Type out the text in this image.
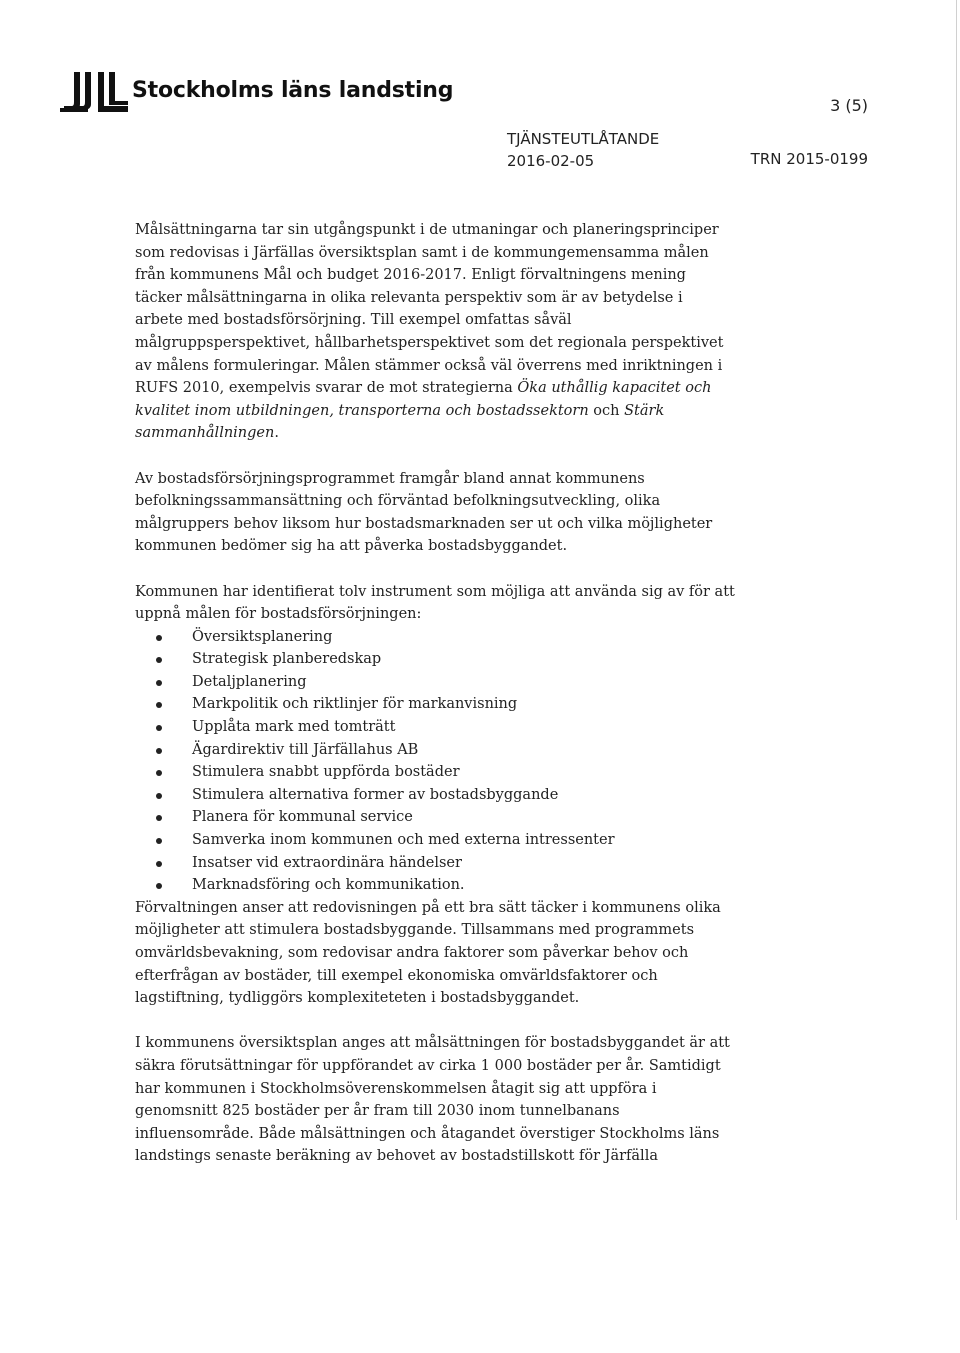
Stockholms läns landsting
3 (5)
TJÄNSTEUTLÅTANDE
2016-02-05	TRN 2015-0199

Målsättningarna tar sin utgångspunkt i de utmaningar och planeringsprinciper som redovisas i Järfällas översiktsplan samt i de kommungemensamma målen från kommunens Mål och budget 2016-2017. Enligt förvaltningens mening täcker målsättningarna in olika relevanta perspektiv som är av betydelse i arbete med bostadsförsörjning. Till exempel omfattas såväl målgruppsperspektivet, hållbarhetsperspektivet som det regionala perspektivet av målens formuleringar. Målen stämmer också väl överrens med inriktningen i RUFS 2010, exempelvis svarar de mot strategierna Öka uthållig kapacitet och kvalitet inom utbildningen, transporterna och bostadssektorn och Stärk sammanhållningen.

Av bostadsförsörjningsprogrammet framgår bland annat kommunens befolkningssammansättning och förväntad befolkningsutveckling, olika målgruppers behov liksom hur bostadsmarknaden ser ut och vilka möjligheter kommunen bedömer sig ha att påverka bostadsbyggandet.

Kommunen har identifierat tolv instrument som möjliga att använda sig av för att uppnå målen för bostadsförsörjningen:

Översiktsplanering
Strategisk planberedskap
Detaljplanering
Markpolitik och riktlinjer för markanvisning
Upplåta mark med tomträtt
Ägardirektiv till Järfällahus AB
Stimulera snabbt uppförda bostäder
Stimulera alternativa former av bostadsbyggande
Planera för kommunal service
Samverka inom kommunen och med externa intressenter
Insatser vid extraordinära händelser
Marknadsföring och kommunikation.

Förvaltningen anser att redovisningen på ett bra sätt täcker i kommunens olika möjligheter att stimulera bostadsbyggande. Tillsammans med programmets omvärldsbevakning, som redovisar andra faktorer som påverkar behov och efterfrågan av bostäder, till exempel ekonomiska omvärldsfaktorer och lagstiftning, tydliggörs komplexiteteten i bostadsbyggandet.

I kommunens översiktsplan anges att målsättningen för bostadsbyggandet är att säkra förutsättningar för uppförandet av cirka 1 000 bostäder per år. Samtidigt har kommunen i Stockholmsöverenskommelsen åtagit sig att uppföra i genomsnitt 825 bostäder per år fram till 2030 inom tunnelbanans influensområde. Både målsättningen och åtagandet överstiger Stockholms läns landstings senaste beräkning av behovet av bostadstillskott för Järfälla
